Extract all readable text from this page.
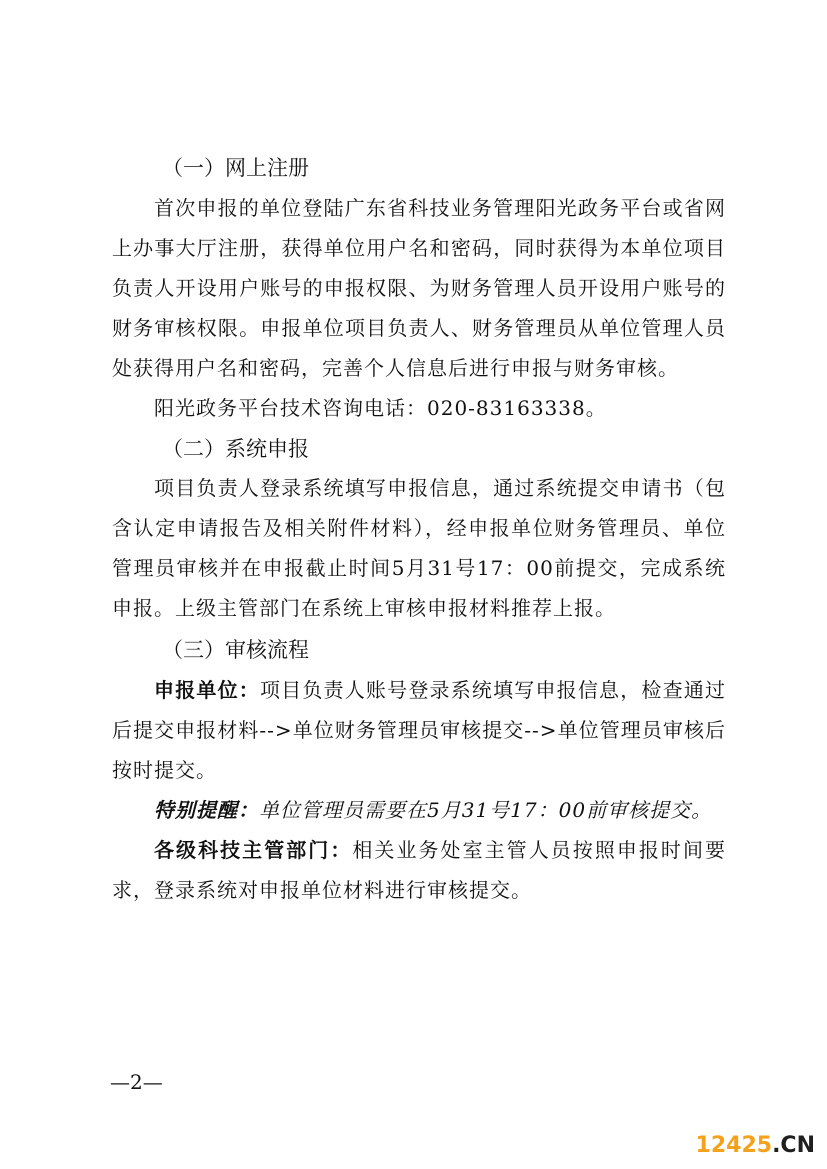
（一）网上注册

首次申报的单位登陆广东省科技业务管理阳光政务平台或省网上办事大厅注册，获得单位用户名和密码，同时获得为本单位项目负责人开设用户账号的申报权限、为财务管理人员开设用户账号的财务审核权限。申报单位项目负责人、财务管理员从单位管理人员处获得用户名和密码，完善个人信息后进行申报与财务审核。

阳光政务平台技术咨询电话：020-83163338。

（二）系统申报

项目负责人登录系统填写申报信息，通过系统提交申请书（包含认定申请报告及相关附件材料），经申报单位财务管理员、单位管理员审核并在申报截止时间5月31号17：00前提交，完成系统申报。上级主管部门在系统上审核申报材料推荐上报。

（三）审核流程

申报单位：项目负责人账号登录系统填写申报信息，检查通过后提交申报材料-->单位财务管理员审核提交-->单位管理员审核后按时提交。

特别提醒：单位管理员需要在5月31号17：00前审核提交。

各级科技主管部门：相关业务处室主管人员按照申报时间要求，登录系统对申报单位材料进行审核提交。

—2—
12425.CN
